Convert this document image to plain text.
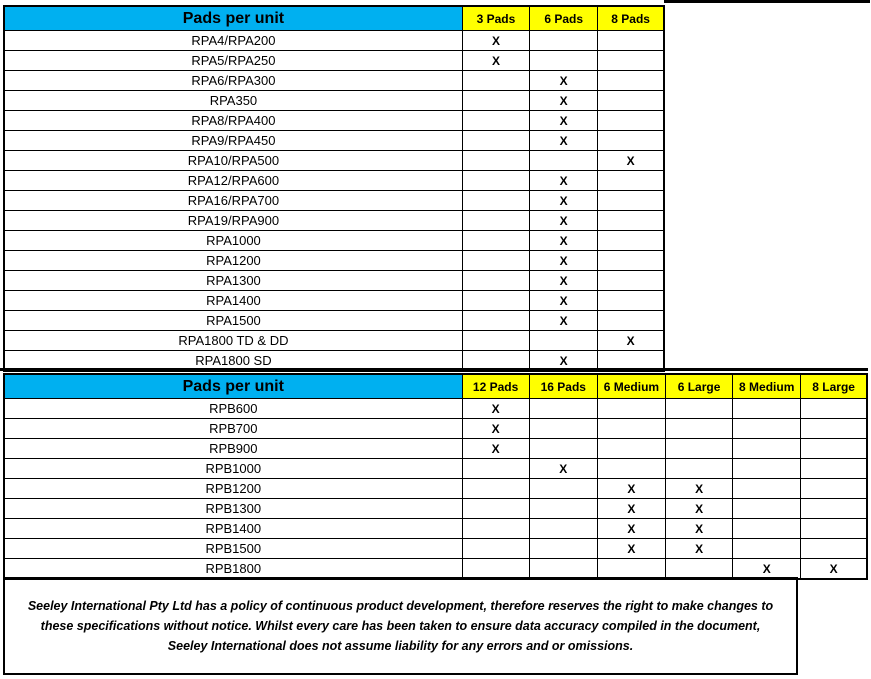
Pads per unit	3 Pads	6 Pads	8 Pads
RPA4/RPA200	X		
RPA5/RPA250	X		
RPA6/RPA300		X	
RPA350		X	
RPA8/RPA400		X	
RPA9/RPA450		X	
RPA10/RPA500			X
RPA12/RPA600		X	
RPA16/RPA700		X	
RPA19/RPA900		X	
RPA1000		X	
RPA1200		X	
RPA1300		X	
RPA1400		X	
RPA1500		X	
RPA1800 TD & DD			X
RPA1800 SD		X	
Pads per unit	12 Pads	16 Pads	6 Medium	6 Large	8 Medium	8 Large
RPB600	X					
RPB700	X					
RPB900	X					
RPB1000		X				
RPB1200			X	X		
RPB1300			X	X		
RPB1400			X	X		
RPB1500			X	X		
RPB1800					X	X

Seeley International Pty Ltd has a policy of continuous product development, therefore reserves the right to make changes to
these specifications without notice. Whilst every care has been taken to ensure data accuracy compiled in the document,
Seeley International does not assume liability for any errors and or omissions.
